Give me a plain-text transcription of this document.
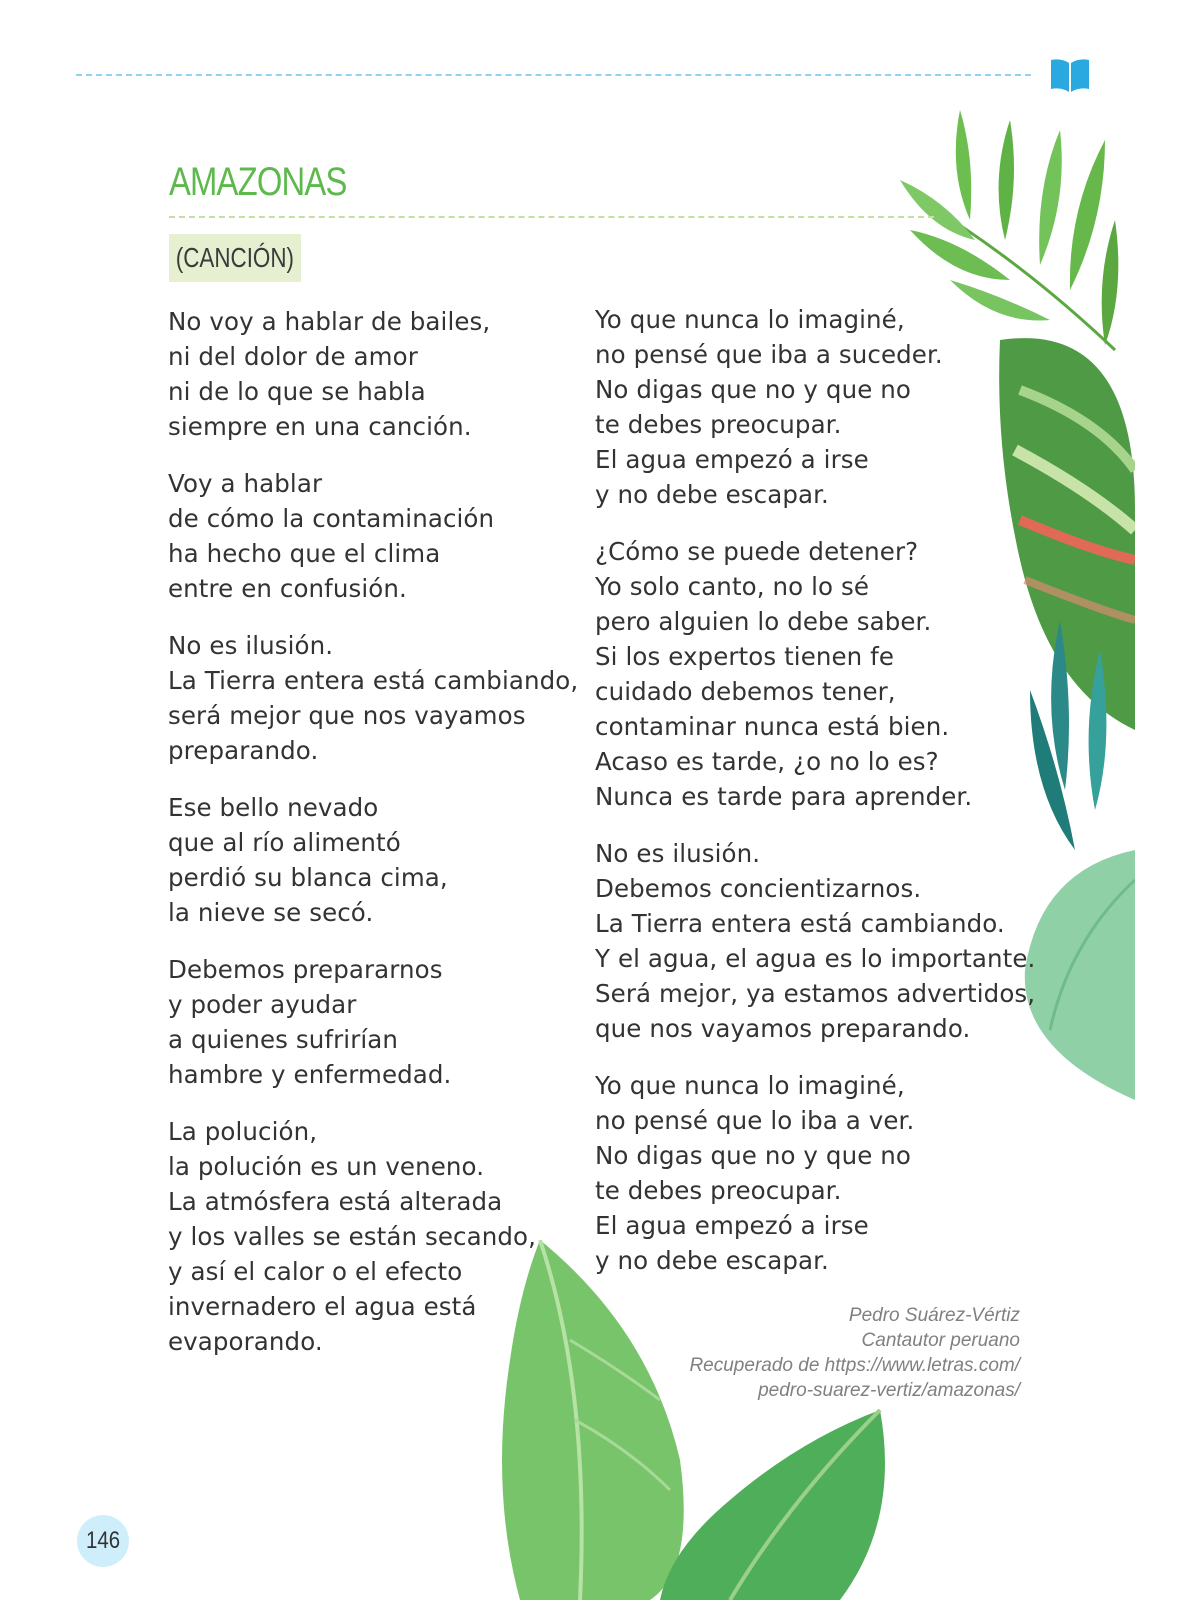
AMAZONAS
(CANCIÓN)
No voy a hablar de bailes,
ni del dolor de amor
ni de lo que se habla
siempre en una canción.
Voy a hablar
de cómo la contaminación
ha hecho que el clima
entre en confusión.
No es ilusión.
La Tierra entera está cambiando,
será mejor que nos vayamos
preparando.
Ese bello nevado
que al río alimentó
perdió su blanca cima,
la nieve se secó.
Debemos prepararnos
y poder ayudar
a quienes sufrirían
hambre y enfermedad.
La polución,
la polución es un veneno.
La atmósfera está alterada
y los valles se están secando,
y así el calor o el efecto
invernadero el agua está
evaporando.
Yo que nunca lo imaginé,
no pensé que iba a suceder.
No digas que no y que no
te debes preocupar.
El agua empezó a irse
y no debe escapar.
¿Cómo se puede detener?
Yo solo canto, no lo sé
pero alguien lo debe saber.
Si los expertos tienen fe
cuidado debemos tener,
contaminar nunca está bien.
Acaso es tarde, ¿o no lo es?
Nunca es tarde para aprender.
No es ilusión.
Debemos concientizarnos.
La Tierra entera está cambiando.
Y el agua, el agua es lo importante.
Será mejor, ya estamos advertidos,
que nos vayamos preparando.
Yo que nunca lo imaginé,
no pensé que lo iba a ver.
No digas que no y que no
te debes preocupar.
El agua empezó a irse
y no debe escapar.
Pedro Suárez-Vértiz
Cantautor peruano
Recuperado de https://www.letras.com/
pedro-suarez-vertiz/amazonas/
146
